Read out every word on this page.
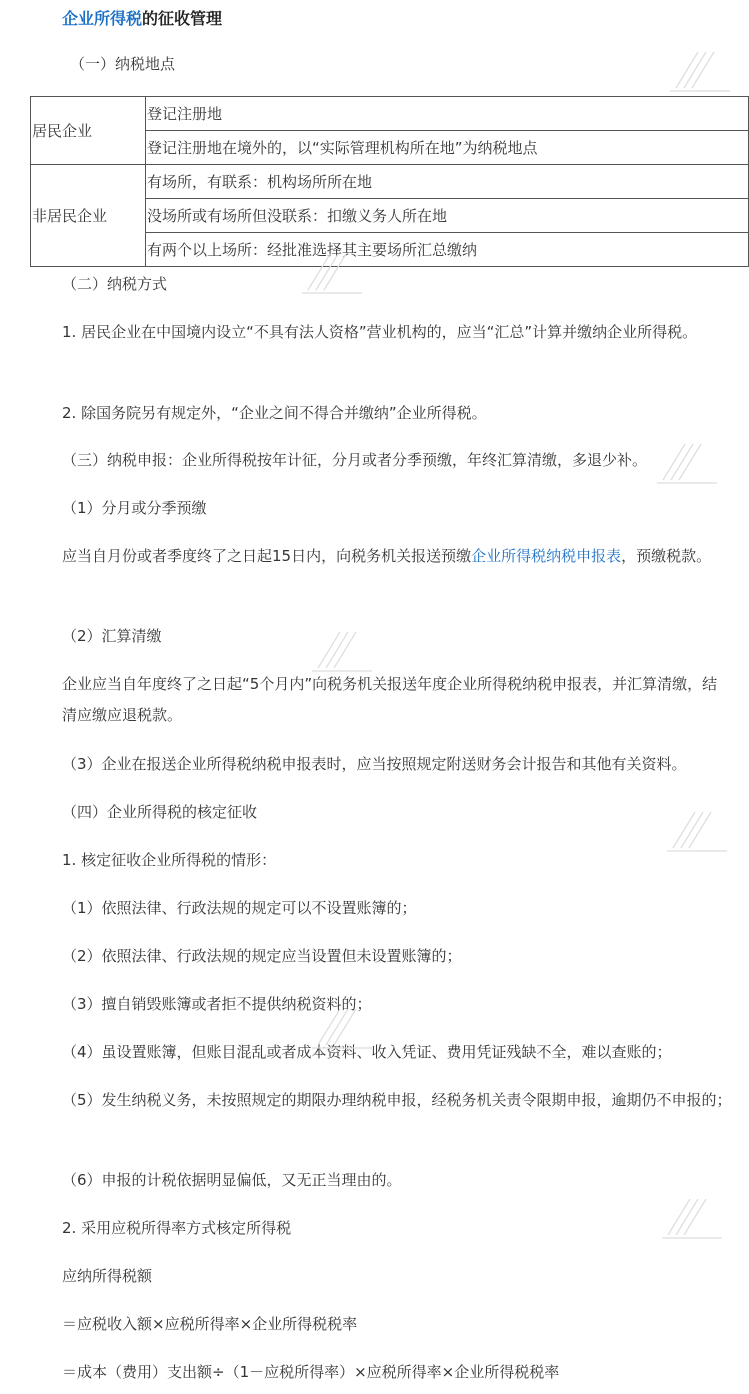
企业所得税的征收管理
（一）纳税地点
居民企业	登记注册地
	登记注册地在境外的，以“实际管理机构所在地”为纳税地点
非居民企业	有场所，有联系：机构场所所在地
	没场所或有场所但没联系：扣缴义务人所在地
	有两个以上场所：经批准选择其主要场所汇总缴纳
（二）纳税方式
1. 居民企业在中国境内设立“不具有法人资格”营业机构的，应当“汇总”计算并缴纳企业所得税。
2. 除国务院另有规定外，“企业之间不得合并缴纳”企业所得税。
（三）纳税申报：企业所得税按年计征，分月或者分季预缴，年终汇算清缴，多退少补。
（1）分月或分季预缴
应当自月份或者季度终了之日起15日内，向税务机关报送预缴企业所得税纳税申报表，预缴税款。
（2）汇算清缴
企业应当自年度终了之日起“5个月内”向税务机关报送年度企业所得税纳税申报表，并汇算清缴，结清应缴应退税款。
（3）企业在报送企业所得税纳税申报表时，应当按照规定附送财务会计报告和其他有关资料。
（四）企业所得税的核定征收
1. 核定征收企业所得税的情形：
（1）依照法律、行政法规的规定可以不设置账簿的；
（2）依照法律、行政法规的规定应当设置但未设置账簿的；
（3）擅自销毁账簿或者拒不提供纳税资料的；
（4）虽设置账簿，但账目混乱或者成本资料、收入凭证、费用凭证残缺不全，难以查账的；
（5）发生纳税义务，未按照规定的期限办理纳税申报，经税务机关责令限期申报，逾期仍不申报的；
（6）申报的计税依据明显偏低，又无正当理由的。
2. 采用应税所得率方式核定所得税
应纳所得税额
＝应税收入额×应税所得率×企业所得税税率
＝成本（费用）支出额÷（1－应税所得率）×应税所得率×企业所得税税率
